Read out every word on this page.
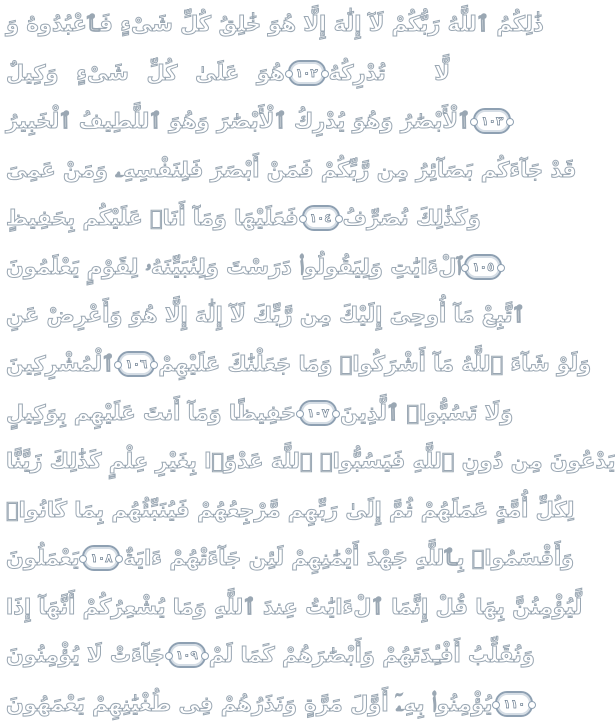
ذَٰلِكُمُ ٱللَّهُ رَبُّكُمْ لَآ إِلَٰهَ إِلَّا هُوَ خَٰلِقُ كُلِّ شَىْءٍ فَٱعْبُدُوهُ وَ
هُوَ عَلَىٰ كُلِّ شَىْءٍ وَكِيلٌ ١٠٢ لَّا تُدْرِكُهُ
ٱلْأَبْصَٰرُ وَهُوَ يُدْرِكُ ٱلْأَبْصَٰرَ وَهُوَ ٱللَّطِيفُ ٱلْخَبِيرُ ١٠٣
قَدْ جَآءَكُم بَصَآئِرُ مِن رَّبِّكُمْ فَمَنْ أَبْصَرَ فَلِنَفْسِهِۦ وَمَنْ عَمِىَ
فَعَلَيْهَا وَمَآ أَنَا۠ عَلَيْكُم بِحَفِيظٍ ١٠٤ وَكَذَٰلِكَ نُصَرِّفُ
ٱلْءَايَٰتِ وَلِيَقُولُوا۟ دَرَسْتَ وَلِنُبَيِّنَهُۥ لِقَوْمٍ يَعْلَمُونَ ١٠٥
ٱتَّبِعْ مَآ أُوحِىَ إِلَيْكَ مِن رَّبِّكَ لَآ إِلَٰهَ إِلَّا هُوَ وَأَعْرِضْ عَنِ
ٱلْمُشْرِكِينَ ١٠٦ وَلَوْ شَآءَ ٱللَّهُ مَآ أَشْرَكُوا۟ وَمَا جَعَلْنَٰكَ عَلَيْهِمْ
حَفِيظًا وَمَآ أَنتَ عَلَيْهِم بِوَكِيلٍ ١٠٧ وَلَا تَسُبُّوا۟ ٱلَّذِينَ
يَدْعُونَ مِن دُونِ ٱللَّهِ فَيَسُبُّوا۟ ٱللَّهَ عَدْوًۢا بِغَيْرِ عِلْمٍ كَذَٰلِكَ زَيَّنَّا
لِكُلِّ أُمَّةٍ عَمَلَهُمْ ثُمَّ إِلَىٰ رَبِّهِم مَّرْجِعُهُمْ فَيُنَبِّئُهُم بِمَا كَانُوا۟
يَعْمَلُونَ ١٠٨ وَأَقْسَمُوا۟ بِٱللَّهِ جَهْدَ أَيْمَٰنِهِمْ لَئِن جَآءَتْهُمْ ءَايَةٌ
لَّيُؤْمِنُنَّ بِهَا قُلْ إِنَّمَا ٱلْءَايَٰتُ عِندَ ٱللَّهِ وَمَا يُشْعِرُكُمْ أَنَّهَآ إِذَا
جَآءَتْ لَا يُؤْمِنُونَ ١٠٩ وَنُقَلِّبُ أَفْـِٔدَتَهُمْ وَأَبْصَٰرَهُمْ كَمَا لَمْ
يُؤْمِنُوا۟ بِهِۦٓ أَوَّلَ مَرَّةٍ وَنَذَرُهُمْ فِى طُغْيَٰنِهِمْ يَعْمَهُونَ ١١٠
